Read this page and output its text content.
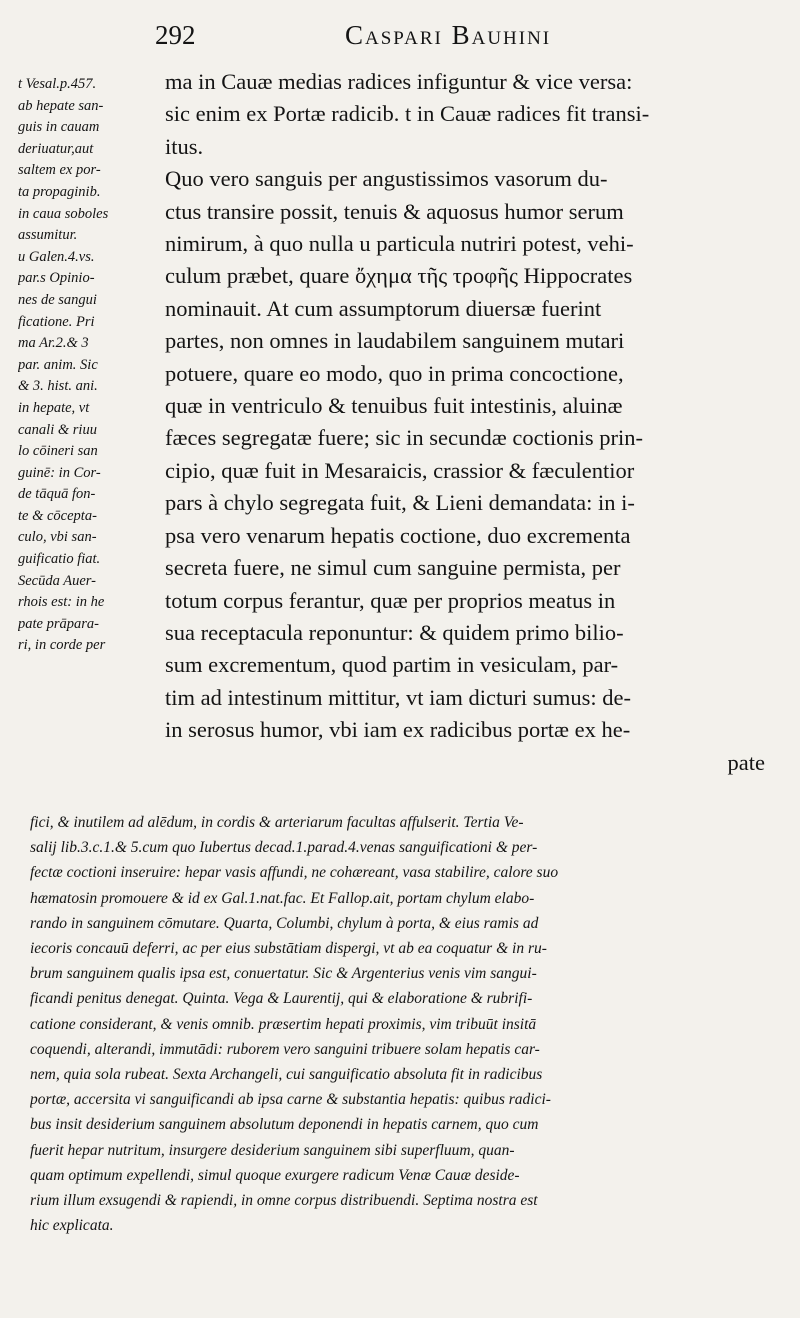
292	Caspari Bauhini
t Vesal.p.457.
ab hepate san-
guis in cauam
deriuatur,aut
saltem ex por-
ta propaginib.
in caua soboles
assumitur.
u Galen.4.vs.
par.s Opinio-
nes de sangui
ficatione. Pri
ma Ar.2.& 3
par. anim. Sic
& 3. hist. ani.
in hepate, vt
canali & riuu
lo cōineri san
guinē: in Cor-
de tāquā fon-
te & cōcepta-
culo, vbi san-
guificatio fiat.
Secūda Auer-
rhois est: in he
pate prāpara-
ri, in corde per
ma in Cauæ medias radices infiguntur & vice versa:
sic enim ex Portæ radicib. t in Cauæ radices fit transi-
itus.
Quo vero sanguis per angustissimos vasorum du-
ctus transire possit, tenuis & aquosus humor serum
nimirum, à quo nulla u particula nutriri potest, vehi-
culum præbet, quare ὄχημα τῆς τροφῆς Hippocrates
nominauit. At cum assumptorum diuersæ fuerint
partes, non omnes in laudabilem sanguinem mutari
potuere, quare eo modo, quo in prima concoctione,
quæ in ventriculo & tenuibus fuit intestinis, aluinæ
fæces segregatæ fuere; sic in secundæ coctionis prin-
cipio, quæ fuit in Mesaraicis, crassior & fæculentior
pars à chylo segregata fuit, & Lieni demandata: in i-
psa vero venarum hepatis coctione, duo excrementa
secreta fuere, ne simul cum sanguine permista, per
totum corpus ferantur, quæ per proprios meatus in
sua receptacula reponuntur: & quidem primo bilio-
sum excrementum, quod partim in vesiculam, par-
tim ad intestinum mittitur, vt iam dicturi sumus: de-
in serosus humor, vbi iam ex radicibus portæ ex he-
pate
fici, & inutilem ad alēdum, in cordis & arteriarum facultas affulserit. Tertia Ve-
salij lib.3.c.1.& 5.cum quo Iubertus decad.1.parad.4.venas sanguificationi & per-
fectæ coctioni inseruire: hepar vasis affundi, ne cohæreant, vasa stabilire, calore suo
hæmatosin promouere & id ex Gal.1.nat.fac. Et Fallop.ait, portam chylum elabo-
rando in sanguinem cōmutare. Quarta, Columbi, chylum à porta, & eius ramis ad
iecoris concauū deferri, ac per eius substātiam dispergi, vt ab ea coquatur & in ru-
brum sanguinem qualis ipsa est, conuertatur. Sic & Argenterius venis vim sangui-
ficandi penitus denegat. Quinta. Vega & Laurentij, qui & elaboratione & rubrifi-
catione considerant, & venis omnib. præsertim hepati proximis, vim tribuūt insitā
coquendi, alterandi, immutādi: ruborem vero sanguini tribuere solam hepatis car-
nem, quia sola rubeat. Sexta Archangeli, cui sanguificatio absoluta fit in radicibus
portæ, accersita vi sanguificandi ab ipsa carne & substantia hepatis: quibus radici-
bus insit desiderium sanguinem absolutum deponendi in hepatis carnem, quo cum
fuerit hepar nutritum, insurgere desiderium sanguinem sibi superfluum, quan-
quam optimum expellendi, simul quoque exurgere radicum Venæ Cauæ deside-
rium illum exsugendi & rapiendi, in omne corpus distribuendi. Septima nostra est
hic explicata.
